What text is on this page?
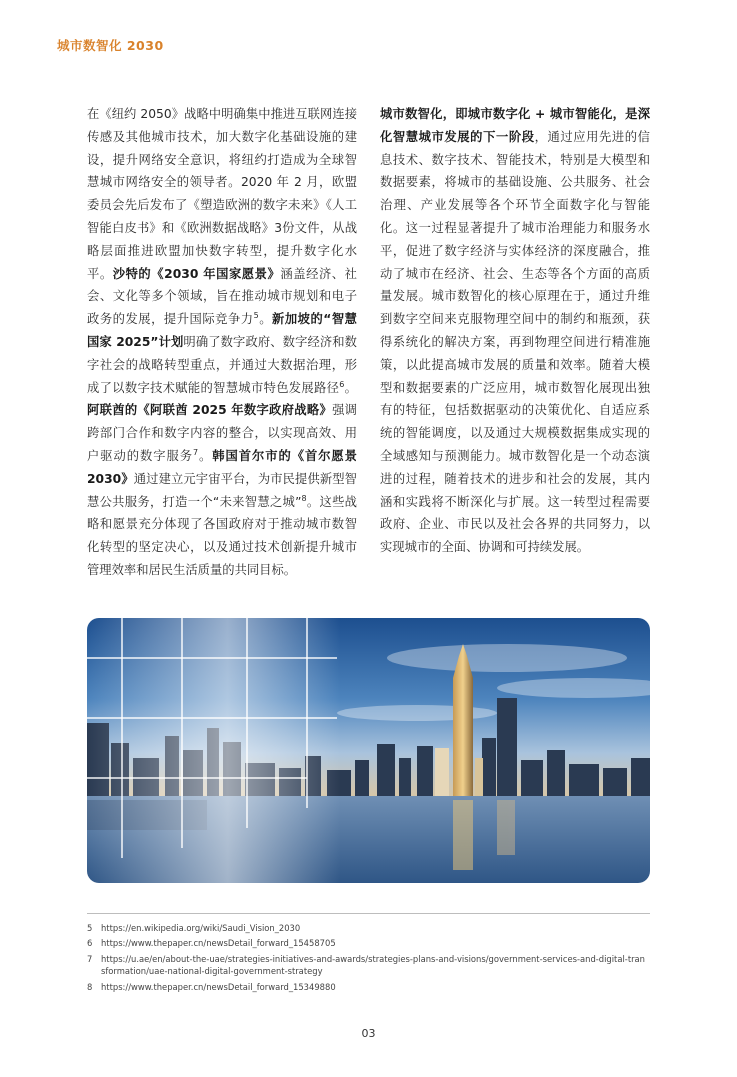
城市数智化 2030
在《纽约 2050》战略中明确集中推进互联网连接传感及其他城市技术，加大数字化基础设施的建设，提升网络安全意识，将纽约打造成为全球智慧城市网络安全的领导者。2020 年 2 月，欧盟委员会先后发布了《塑造欧洲的数字未来》《人工智能白皮书》和《欧洲数据战略》3份文件，从战略层面推进欧盟加快数字转型，提升数字化水平。沙特的《2030 年国家愿景》涵盖经济、社会、文化等多个领域，旨在推动城市规划和电子政务的发展，提升国际竞争力$^5$。新加坡的“智慧国家 2025”计划明确了数字政府、数字经济和数字社会的战略转型重点，并通过大数据治理，形成了以数字技术赋能的智慧城市特色发展路径$^6$。阿联酋的《阿联酋 2025 年数字政府战略》强调跨部门合作和数字内容的整合，以实现高效、用户驱动的数字服务$^7$。韩国首尔市的《首尔愿景 2030》通过建立元宇宙平台，为市民提供新型智慧公共服务，打造一个“未来智慧之城”$^8$。这些战略和愿景充分体现了各国政府对于推动城市数智化转型的坚定决心，以及通过技术创新提升城市管理效率和居民生活质量的共同目标。
城市数智化，即城市数字化 + 城市智能化，是深化智慧城市发展的下一阶段，通过应用先进的信息技术、数字技术、智能技术，特别是大模型和数据要素，将城市的基础设施、公共服务、社会治理、产业发展等各个环节全面数字化与智能化。这一过程显著提升了城市治理能力和服务水平，促进了数字经济与实体经济的深度融合，推动了城市在经济、社会、生态等各个方面的高质量发展。城市数智化的核心原理在于，通过升维到数字空间来克服物理空间中的制约和瓶颈，获得系统化的解决方案，再到物理空间进行精准施策，以此提高城市发展的质量和效率。随着大模型和数据要素的广泛应用，城市数智化展现出独有的特征，包括数据驱动的决策优化、自适应系统的智能调度，以及通过大规模数据集成实现的全域感知与预测能力。城市数智化是一个动态演进的过程，随着技术的进步和社会的发展，其内涵和实践将不断深化与扩展。这一转型过程需要政府、企业、市民以及社会各界的共同努力，以实现城市的全面、协调和可持续发展。
5	https://en.wikipedia.org/wiki/Saudi_Vision_2030
6	https://www.thepaper.cn/newsDetail_forward_15458705
7	https://u.ae/en/about-the-uae/strategies-initiatives-and-awards/strategies-plans-and-visions/government-services-and-digital-transformation/uae-national-digital-government-strategy
8	https://www.thepaper.cn/newsDetail_forward_15349880
03
